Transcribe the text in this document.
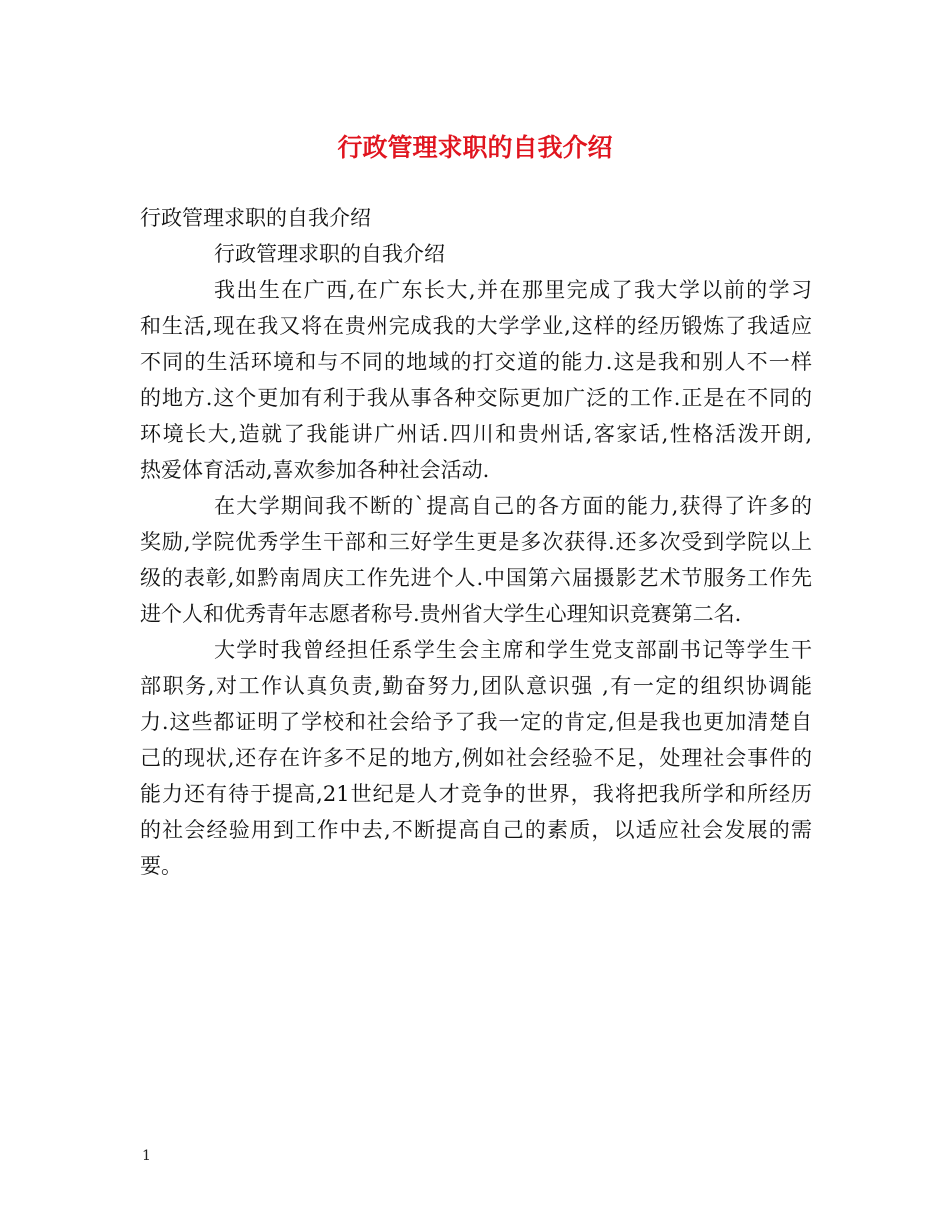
行政管理求职的自我介绍
行政管理求职的自我介绍
行政管理求职的自我介绍
我出生在广西,在广东长大,并在那里完成了我大学以前的学习
和生活,现在我又将在贵州完成我的大学学业,这样的经历锻炼了我适应
不同的生活环境和与不同的地域的打交道的能力.这是我和别人不一样
的地方.这个更加有利于我从事各种交际更加广泛的工作.正是在不同的
环境长大,造就了我能讲广州话.四川和贵州话,客家话,性格活泼开朗,
热爱体育活动,喜欢参加各种社会活动.
在大学期间我不断的`提高自己的各方面的能力,获得了许多的
奖励,学院优秀学生干部和三好学生更是多次获得.还多次受到学院以上
级的表彰,如黔南周庆工作先进个人.中国第六届摄影艺术节服务工作先
进个人和优秀青年志愿者称号.贵州省大学生心理知识竞赛第二名.
大学时我曾经担任系学生会主席和学生党支部副书记等学生干
部职务,对工作认真负责,勤奋努力,团队意识强 ,有一定的组织协调能
力.这些都证明了学校和社会给予了我一定的肯定,但是我也更加清楚自
己的现状,还存在许多不足的地方,例如社会经验不足，处理社会事件的
能力还有待于提高,21世纪是人才竞争的世界，我将把我所学和所经历
的社会经验用到工作中去,不断提高自己的素质，以适应社会发展的需
要。
1
